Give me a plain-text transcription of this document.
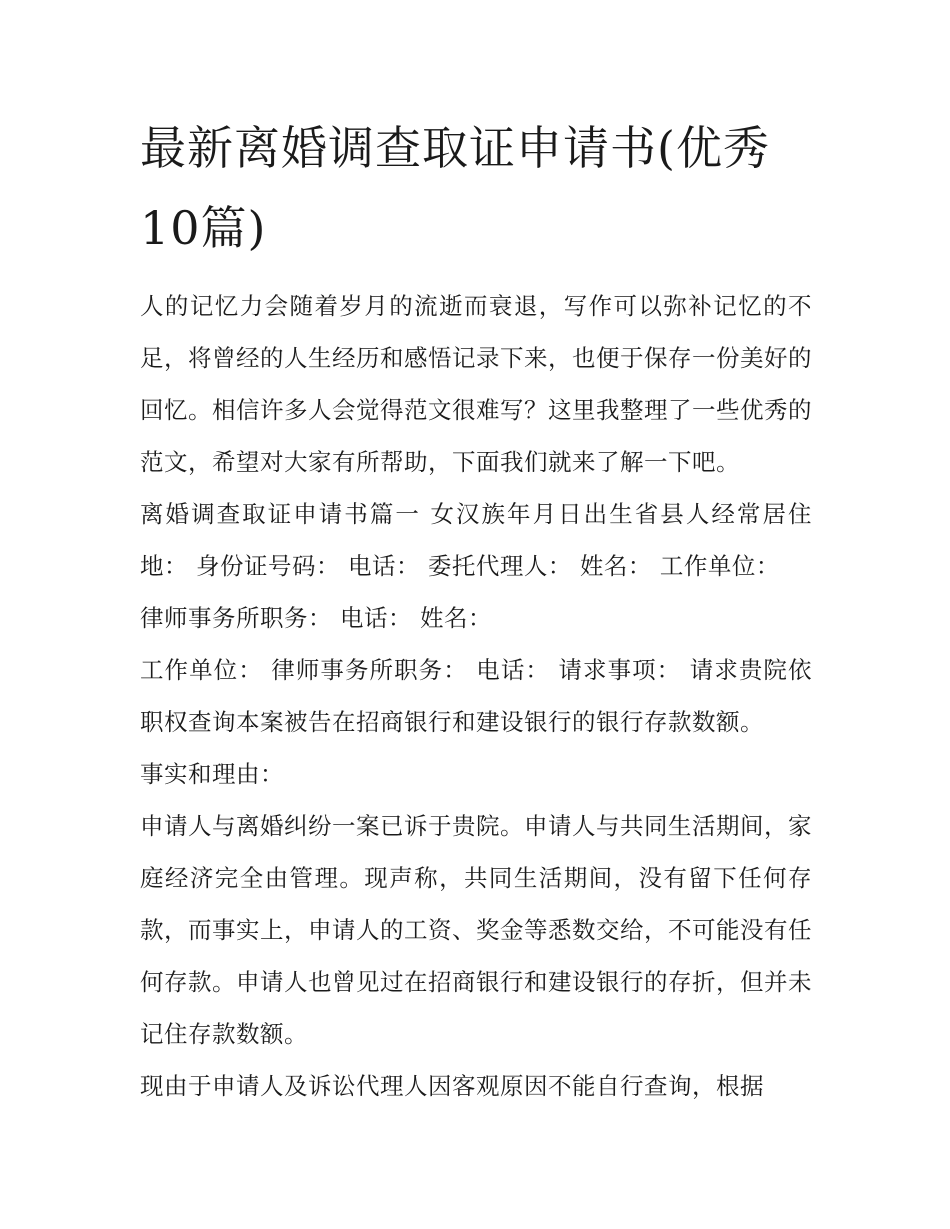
最新离婚调查取证申请书(优秀10篇)

人的记忆力会随着岁月的流逝而衰退，写作可以弥补记忆的不足，将曾经的人生经历和感悟记录下来，也便于保存一份美好的回忆。相信许多人会觉得范文很难写？这里我整理了一些优秀的范文，希望对大家有所帮助，下面我们就来了解一下吧。

离婚调查取证申请书篇一 女汉族年月日出生省县人经常居住地： 身份证号码： 电话： 委托代理人： 姓名： 工作单位：

律师事务所职务： 电话： 姓名：

工作单位： 律师事务所职务： 电话： 请求事项： 请求贵院依职权查询本案被告在招商银行和建设银行的银行存款数额。

事实和理由：

申请人与离婚纠纷一案已诉于贵院。申请人与共同生活期间，家庭经济完全由管理。现声称，共同生活期间，没有留下任何存款，而事实上，申请人的工资、奖金等悉数交给，不可能没有任何存款。申请人也曾见过在招商银行和建设银行的存折，但并未记住存款数额。

现由于申请人及诉讼代理人因客观原因不能自行查询，根据
